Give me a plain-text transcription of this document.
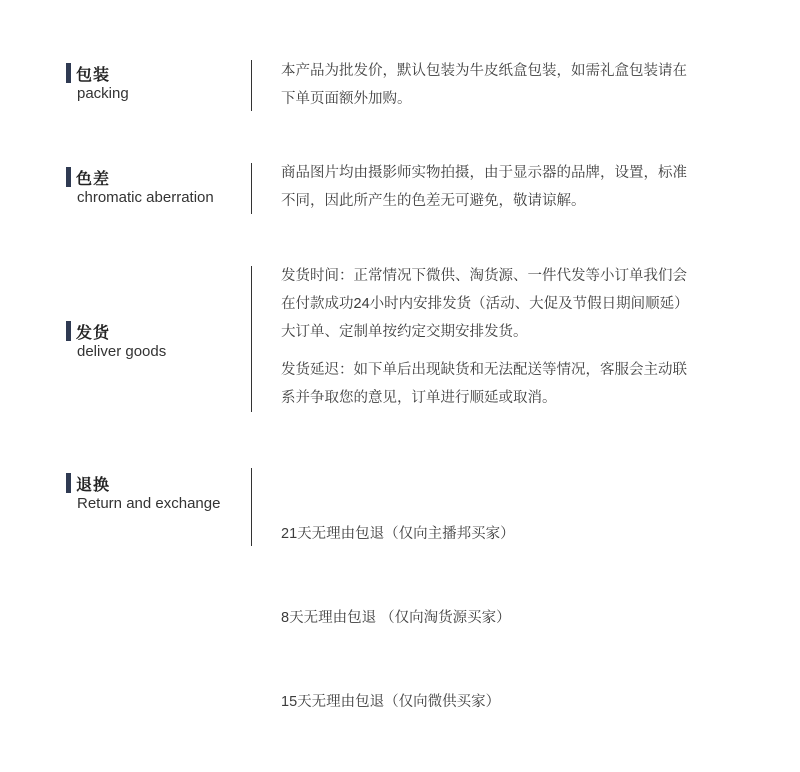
包装
packing

本产品为批发价，默认包装为牛皮纸盒包装，如需礼盒包装请在
下单页面额外加购。

色差
chromatic aberration

商品图片均由摄影师实物拍摄，由于显示器的品牌，设置，标准
不同，因此所产生的色差无可避免，敬请谅解。

发货
deliver goods

发货时间：正常情况下微供、淘货源、一件代发等小订单我们会
在付款成功24小时内安排发货（活动、大促及节假日期间顺延）
大订单、定制单按约定交期安排发货。

发货延迟：如下单后出现缺货和无法配送等情况，客服会主动联
系并争取您的意见，订单进行顺延或取消。

退换
Return and exchange

21天无理由包退（仅向主播邦买家）

8天无理由包退 （仅向淘货源买家）

15天无理由包退（仅向微供买家）
